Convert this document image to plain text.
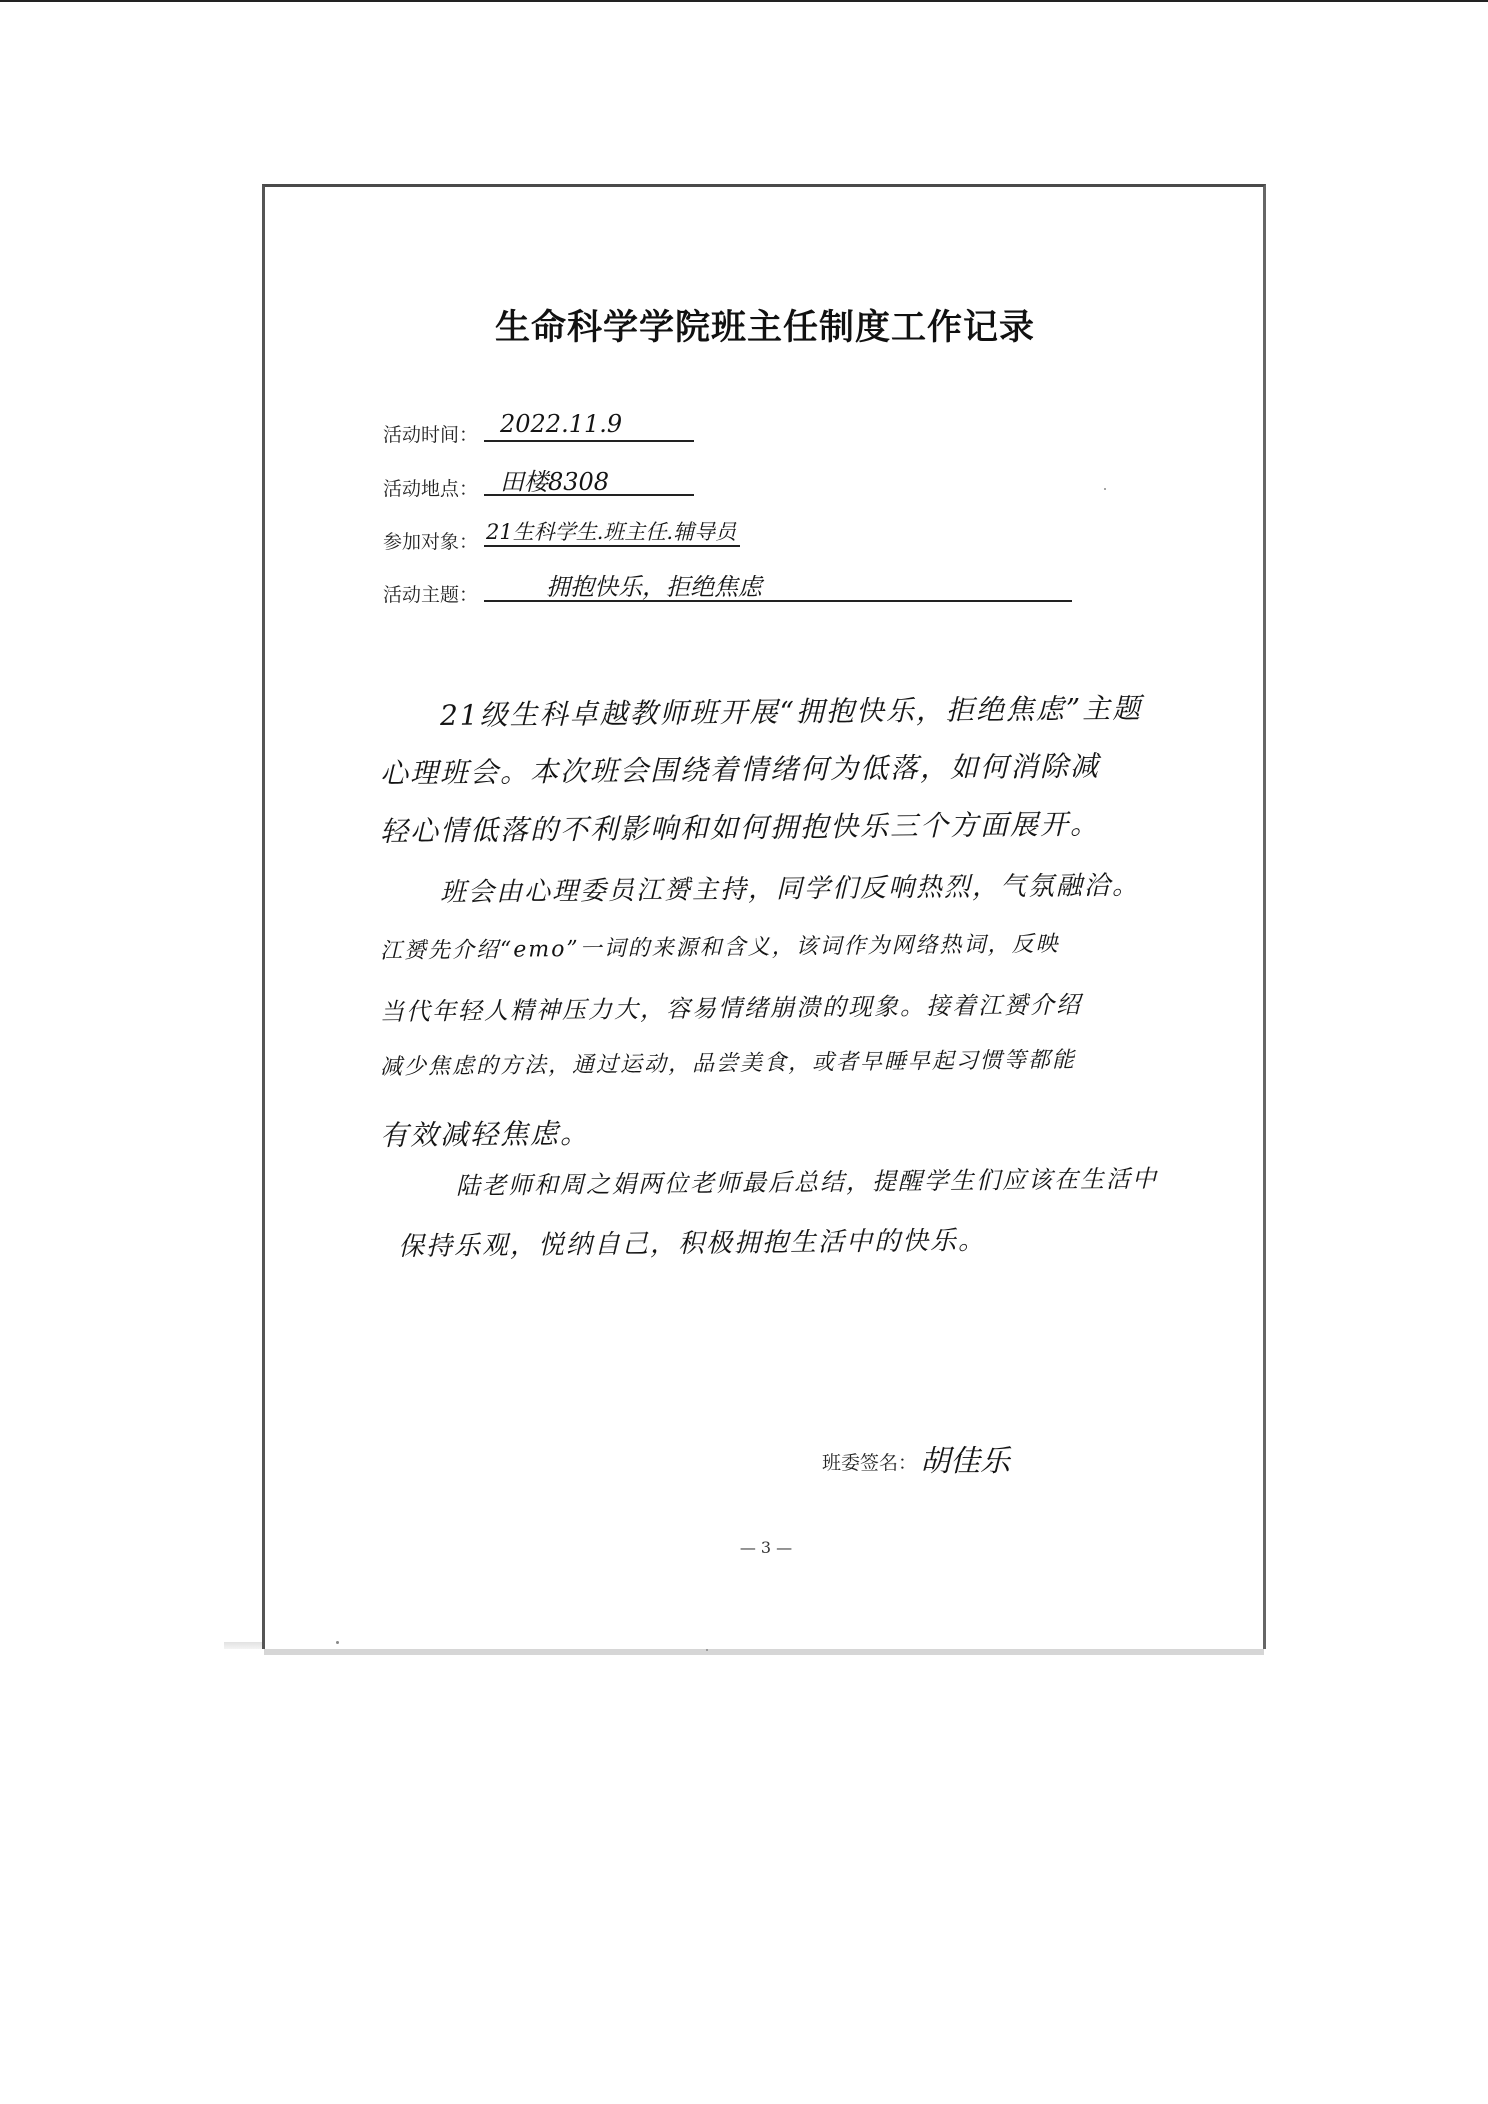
生命科学学院班主任制度工作记录
活动时间： 2022.11.9
活动地点： 田楼8308
参加对象： 21生科学生.班主任.辅导员
活动主题：	拥抱快乐，拒绝焦虑
21级生科卓越教师班开展“拥抱快乐，拒绝焦虑”主题
心理班会。本次班会围绕着情绪何为低落，如何消除减
轻心情低落的不利影响和如何拥抱快乐三个方面展开。
班会由心理委员江赟主持，同学们反响热烈，气氛融洽。
江赟先介绍“emo”一词的来源和含义，该词作为网络热词，反映
当代年轻人精神压力大，容易情绪崩溃的现象。接着江赟介绍
减少焦虑的方法，通过运动，品尝美食，或者早睡早起习惯等都能
有效减轻焦虑。
陆老师和周之娟两位老师最后总结，提醒学生们应该在生活中
保持乐观，悦纳自己，积极拥抱生活中的快乐。
班委签名： 胡佳乐
— 3 —
